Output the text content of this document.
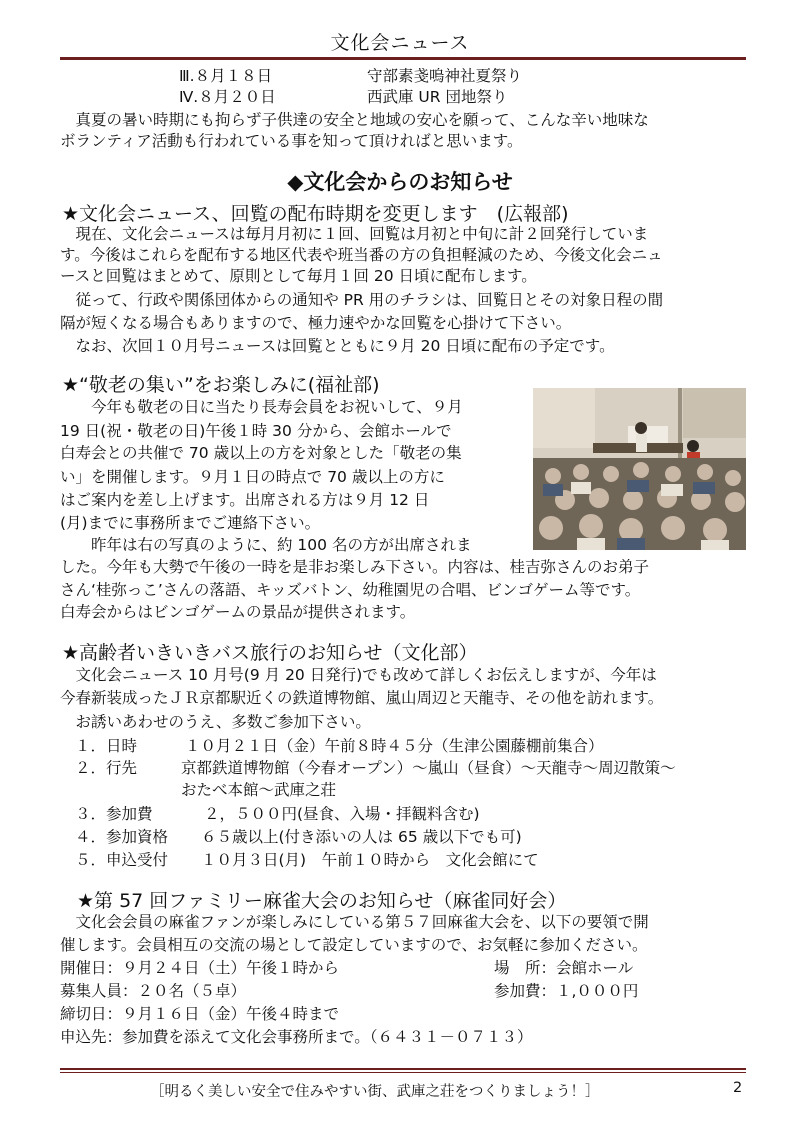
文化会ニュース
Ⅲ.８月１８日	守部素戔嗚神社夏祭り
Ⅳ.８月２０日	西武庫 UR 団地祭り
　真夏の暑い時期にも拘らず子供達の安全と地域の安心を願って、こんな辛い地味な
ボランティア活動も行われている事を知って頂ければと思います。
◆文化会からのお知らせ
★文化会ニュース、回覧の配布時期を変更します　(広報部)
　現在、文化会ニュースは毎月月初に１回、回覧は月初と中旬に計２回発行していま
す。今後はこれらを配布する地区代表や班当番の方の負担軽減のため、今後文化会ニュ
ースと回覧はまとめて、原則として毎月１回 20 日頃に配布します。
　従って、行政や関係団体からの通知や PR 用のチラシは、回覧日とその対象日程の間
隔が短くなる場合もありますので、極力速やかな回覧を心掛けて下さい。
　なお、次回１０月号ニュースは回覧とともに９月 20 日頃に配布の予定です。
★“敬老の集い”をお楽しみに(福祉部)
　　今年も敬老の日に当たり長寿会員をお祝いして、９月
19 日(祝・敬老の日)午後１時 30 分から、会館ホールで
白寿会との共催で 70 歳以上の方を対象とした「敬老の集
い」を開催します。９月１日の時点で 70 歳以上の方に
はご案内を差し上げます。出席される方は９月 12 日
(月)までに事務所までご連絡下さい。
　　昨年は右の写真のように、約 100 名の方が出席されま
した。今年も大勢で午後の一時を是非お楽しみ下さい。内容は、桂吉弥さんのお弟子
さん‘桂弥っこ’さんの落語、キッズバトン、幼稚園児の合唱、ビンゴゲーム等です。
白寿会からはビンゴゲームの景品が提供されます。
★高齢者いきいきバス旅行のお知らせ（文化部）
　文化会ニュース 10 月号(9 月 20 日発行)でも改めて詳しくお伝えしますが、今年は
今春新装成ったＪＲ京都駅近くの鉄道博物館、嵐山周辺と天龍寺、その他を訪れます。
　お誘いあわせのうえ、多数ご参加下さい。
１．日時	１０月２１日（金）午前８時４５分（生津公園藤棚前集合）
２．行先	京都鉄道博物館（今春オープン）～嵐山（昼食）～天龍寺～周辺散策～
おたべ本館～武庫之荘
３．参加費	２，５００円(昼食、入場・拝観料含む)
４．参加資格 ６５歳以上(付き添いの人は 65 歳以下でも可)
５．申込受付 １０月３日(月)　午前１０時から　文化会館にて
★第 57 回ファミリー麻雀大会のお知らせ（麻雀同好会）
　文化会会員の麻雀ファンが楽しみにしている第５７回麻雀大会を、以下の要領で開
催します。会員相互の交流の場として設定していますので、お気軽に参加ください。
開催日：９月２４日（土）午後１時から	場　所：会館ホール
募集人員：２０名（５卓）	参加費：１,０００円
締切日：９月１６日（金）午後４時まで
申込先：参加費を添えて文化会事務所まで。（６４３１－０７１３）
［明るく美しい安全で住みやすい街、武庫之荘をつくりましょう！］	2
